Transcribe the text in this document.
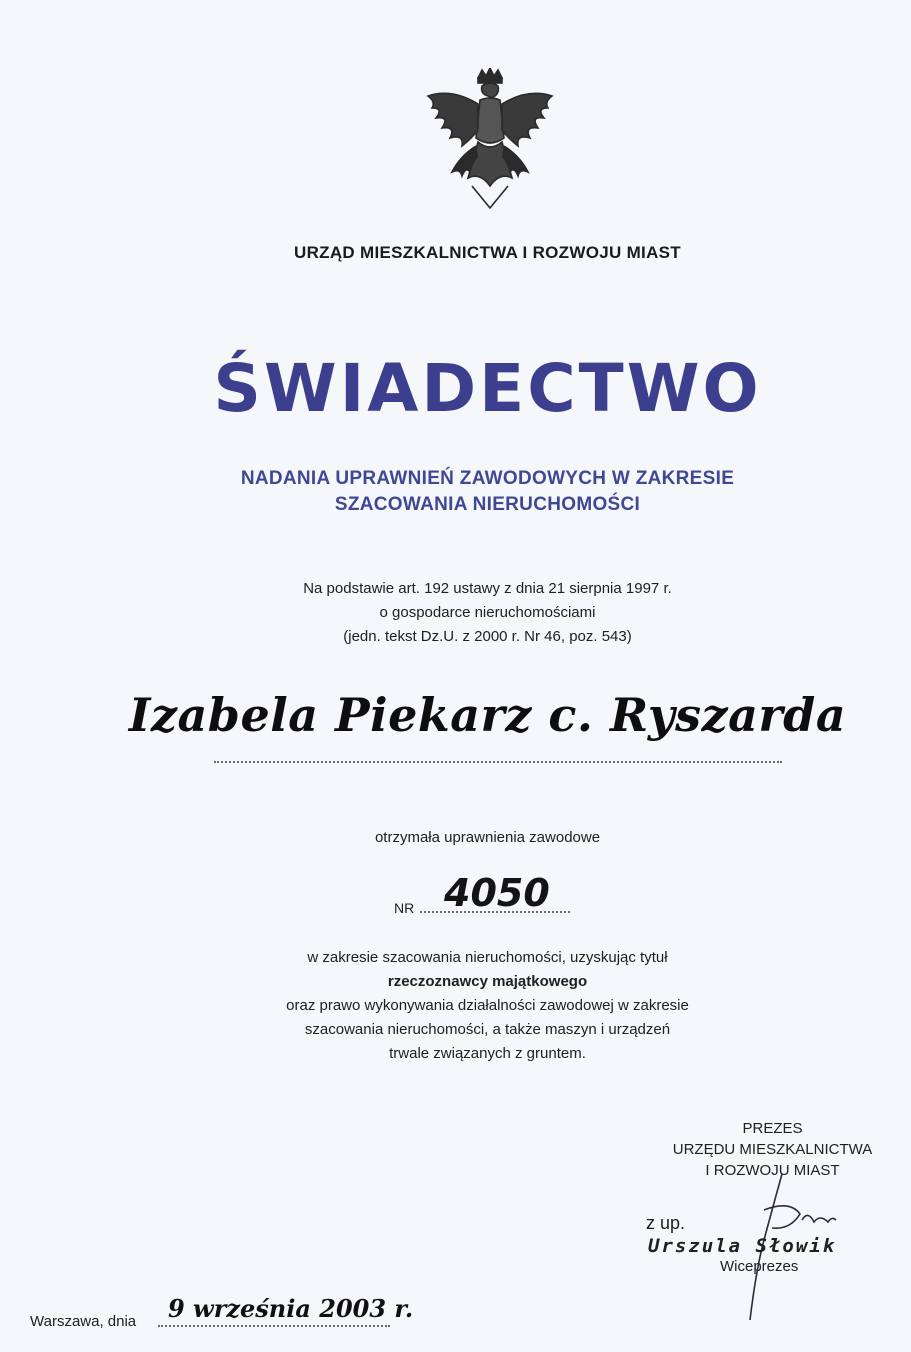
URZĄD MIESZKALNICTWA I ROZWOJU MIAST
ŚWIADECTWO
NADANIA UPRAWNIEŃ ZAWODOWYCH W ZAKRESIE
SZACOWANIA NIERUCHOMOŚCI
Na podstawie art. 192 ustawy z dnia 21 sierpnia 1997 r.
o gospodarce nieruchomościami
(jedn. tekst Dz.U. z 2000 r. Nr 46, poz. 543)
Izabela Piekarz c. Ryszarda
otrzymała uprawnienia zawodowe
NR 4050
w zakresie szacowania nieruchomości, uzyskując tytuł
rzeczoznawcy majątkowego
oraz prawo wykonywania działalności zawodowej w zakresie
szacowania nieruchomości, a także maszyn i urządzeń
trwale związanych z gruntem.
PREZES
URZĘDU MIESZKALNICTWA
I ROZWOJU MIAST
z up.
Urszula Słowik
Wiceprezes
Warszawa, dnia 9 września 2003 r.
